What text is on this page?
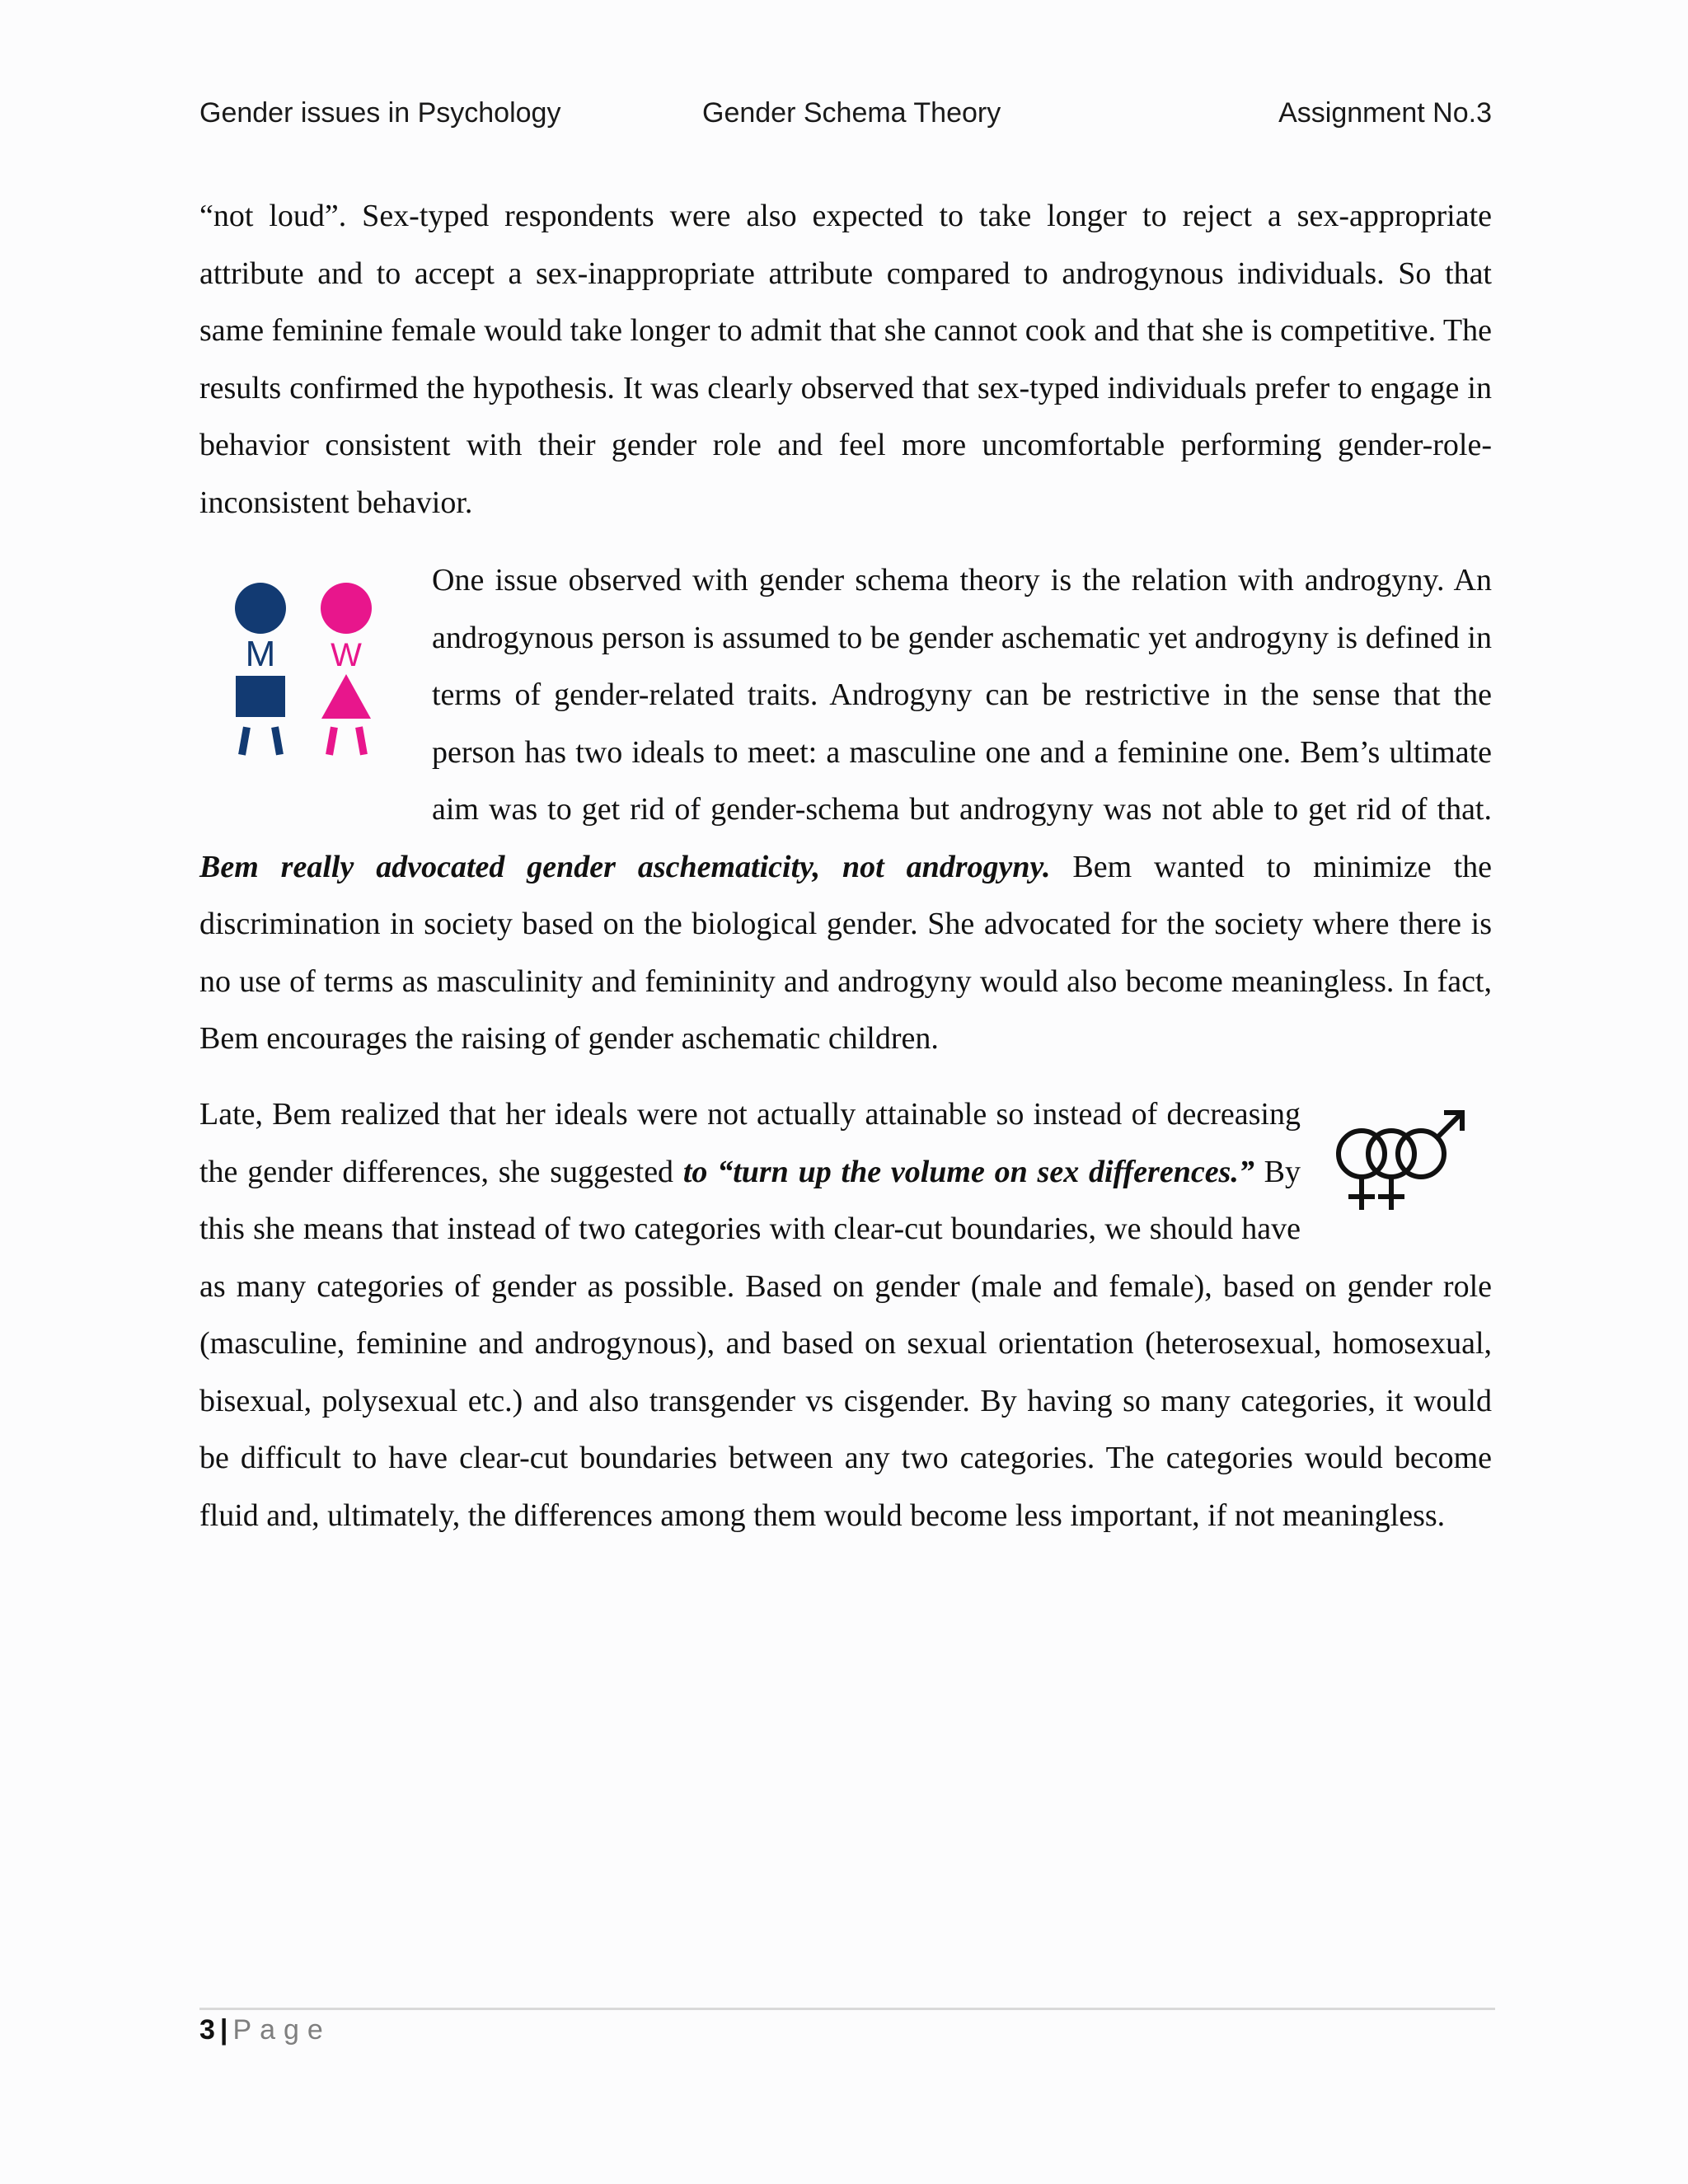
Gender issues in Psychology	Gender Schema Theory	Assignment No.3

“not loud”. Sex-typed respondents were also expected to take longer to reject a sex-appropriate attribute and to accept a sex-inappropriate attribute compared to androgynous individuals. So that same feminine female would take longer to admit that she cannot cook and that she is competitive. The results confirmed the hypothesis. It was clearly observed that sex-typed individuals prefer to engage in behavior consistent with their gender role and feel more uncomfortable performing gender-role-inconsistent behavior.

M W

One issue observed with gender schema theory is the relation with androgyny. An androgynous person is assumed to be gender aschematic yet androgyny is defined in terms of gender-related traits. Androgyny can be restrictive in the sense that the person has two ideals to meet: a masculine one and a feminine one. Bem’s ultimate aim was to get rid of gender-schema but androgyny was not able to get rid of that. Bem really advocated gender aschematicity, not androgyny. Bem wanted to minimize the discrimination in society based on the biological gender. She advocated for the society where there is no use of terms as masculinity and femininity and androgyny would also become meaningless. In fact, Bem encourages the raising of gender aschematic children.

Late, Bem realized that her ideals were not actually attainable so instead of decreasing the gender differences, she suggested to “turn up the volume on sex differences.” By this she means that instead of two categories with clear-cut boundaries, we should have as many categories of gender as possible. Based on gender (male and female), based on gender role (masculine, feminine and androgynous), and based on sexual orientation (heterosexual, homosexual, bisexual, polysexual etc.) and also transgender vs cisgender. By having so many categories, it would be difficult to have clear-cut boundaries between any two categories. The categories would become fluid and, ultimately, the differences among them would become less important, if not meaningless.

3 | Page
